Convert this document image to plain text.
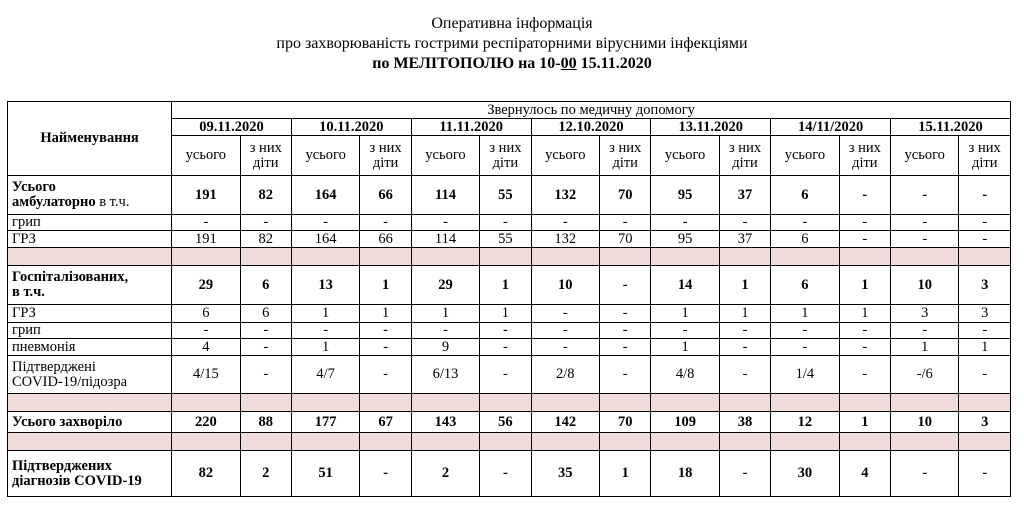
Оперативна інформація
про захворюваність гострими респіраторними вірусними інфекціями
по МЕЛІТОПОЛЮ на 10-00 15.11.2020
Найменування	Звернулось по медичну допомогу													
	09.11.2020		10.11.2020		11.11.2020		12.10.2020		13.11.2020		14/11/2020		15.11.2020	
	усього	з них діти	усього	з них діти	усього	з них діти	усього	з них діти	усього	з них діти	усього	з них діти	усього	з них діти
Усього
амбулаторно в т.ч.	191	82	164	66	114	55	132	70	95	37	6	-	-	-
грип	-	-	-	-	-	-	-	-	-	-	-	-	-	-
ГРЗ	191	82	164	66	114	55	132	70	95	37	6	-	-	-

Госпіталізованих,
в т.ч.	29	6	13	1	29	1	10	-	14	1	6	1	10	3
ГРЗ	6	6	1	1	1	1	-	-	1	1	1	1	3	3
грип	-	-	-	-	-	-	-	-	-	-	-	-	-	-
пневмонія	4	-	1	-	9	-	-	-	1	-	-	-	1	1
Підтверджені
COVID-19/підозра	4/15	-	4/7	-	6/13	-	2/8	-	4/8	-	1/4	-	-/6	-

Усього захворіло	220	88	177	67	143	56	142	70	109	38	12	1	10	3

Підтверджених
діагнозів COVID-19	82	2	51	-	2	-	35	1	18	-	30	4	-	-
